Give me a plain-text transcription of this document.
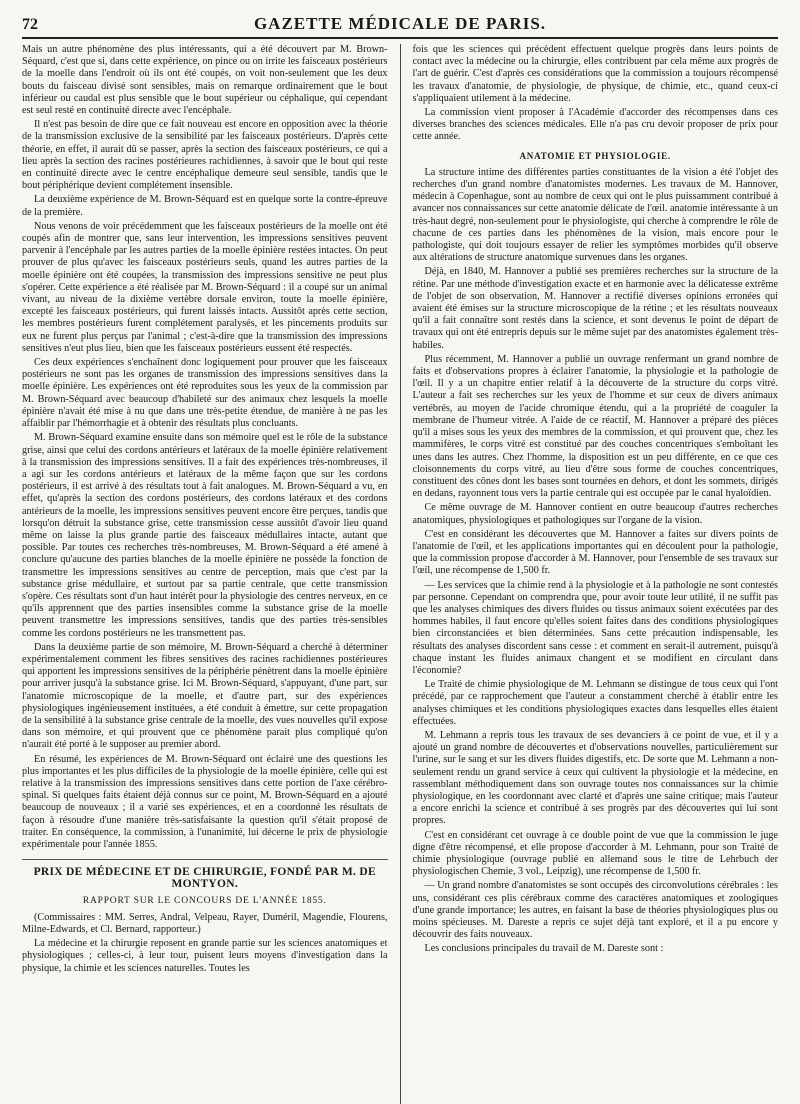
72	GAZETTE MÉDICALE DE PARIS.

Mais un autre phénomène des plus intéressants, qui a été découvert par M. Brown-Séquard, c'est que si, dans cette expérience, on pince ou on irrite les faisceaux postérieurs de la moelle dans l'endroit où ils ont été coupés, on voit non-seulement que les deux bouts du faisceau divisé sont sensibles, mais on remarque ordinairement que le bout inférieur ou caudal est plus sensible que le bout supérieur ou céphalique, qui cependant est seul resté en continuité directe avec l'encéphale.

Il n'est pas besoin de dire que ce fait nouveau est encore en opposition avec la théorie de la transmission exclusive de la sensibilité par les faisceaux postérieurs. D'après cette théorie, en effet, il aurait dû se passer, après la section des faisceaux postérieurs, ce qui a lieu après la section des racines postérieures rachidiennes, à savoir que le bout qui reste en continuité directe avec le centre encéphalique demeure seul sensible, tandis que le bout périphérique devient complétement insensible.

La deuxième expérience de M. Brown-Séquard est en quelque sorte la contre-épreuve de la première.

Nous venons de voir précédemment que les faisceaux postérieurs de la moelle ont été coupés afin de montrer que, sans leur intervention, les impressions sensitives peuvent parvenir à l'encéphale par les autres parties de la moelle épinière restées intactes. On peut prouver de plus qu'avec les faisceaux postérieurs seuls, quand les autres parties de la moelle épinière ont été coupées, la transmission des impressions sensitive ne peut plus s'opérer. Cette expérience a été réalisée par M. Brown-Séquard : il a coupé sur un animal vivant, au niveau de la dixième vertèbre dorsale environ, toute la moelle épinière, excepté les faisceaux postérieurs, qui furent laissés intacts. Aussitôt après cette section, les membres postérieurs furent complétement paralysés, et les pincements produits sur eux ne furent plus perçus par l'animal ; c'est-à-dire que la transmission des impressions sensitives n'eut plus lieu, bien que les faisceaux postérieurs eussent été respectés.

Ces deux expériences s'enchaînent donc logiquement pour prouver que les faisceaux postérieurs ne sont pas les organes de transmission des impressions sensitives dans la moelle épinière. Les expériences ont été reproduites sous les yeux de la commission par M. Brown-Séquard avec beaucoup d'habileté sur des animaux chez lesquels la moelle épinière n'avait été mise à nu que dans une très-petite étendue, de manière à ne pas les affaiblir par l'hémorrhagie et à obtenir des résultats plus concluants.

M. Brown-Séquard examine ensuite dans son mémoire quel est le rôle de la substance grise, ainsi que celui des cordons antérieurs et latéraux de la moelle épinière relativement à la transmission des impressions sensitives. Il a fait des expériences très-nombreuses, il a agi sur les cordons antérieurs et latéraux de la même façon que sur les cordons postérieurs, il est arrivé à des résultats tout à fait analogues. M. Brown-Séquard a vu, en effet, qu'après la section des cordons postérieurs, des cordons latéraux et des cordons antérieurs de la moelle, les impressions sensitives peuvent encore être perçues, tandis que lorsqu'on détruit la substance grise, cette transmission cesse aussitôt d'avoir lieu quand même on laisse la plus grande partie des faisceaux médullaires intacte, autant que possible. Par toutes ces recherches très-nombreuses, M. Brown-Séquard a été amené à conclure qu'aucune des parties blanches de la moelle épinière ne possède la fonction de transmettre les impressions sensitives au centre de perception, mais que c'est par la substance grise médullaire, et surtout par sa partie centrale, que cette transmission s'opère. Ces résultats sont d'un haut intérêt pour la physiologie des centres nerveux, en ce qu'ils apprennent que des parties insensibles comme la substance grise de la moelle peuvent transmettre les impressions sensitives, tandis que des parties très-sensibles comme les cordons postérieurs ne les transmettent pas.

Dans la deuxième partie de son mémoire, M. Brown-Séquard a cherché à déterminer expérimentalement comment les fibres sensitives des racines rachidiennes postérieures qui apportent les impressions sensitives de la périphérie pénètrent dans la moelle épinière pour arriver jusqu'à la substance grise. Ici M. Brown-Séquard, s'appuyant, d'une part, sur l'anatomie microscopique de la moelle, et d'autre part, sur des expériences physiologiques ingénieusement instituées, a été conduit à émettre, sur cette propagation de la sensibilité à la substance grise centrale de la moelle, des vues nouvelles qu'il expose dans son mémoire, et qui prouvent que ce phénomène parait plus compliqué qu'on n'aurait été porté à le supposer au premier abord.

En résumé, les expériences de M. Brown-Séquard ont éclairé une des questions les plus importantes et les plus difficiles de la physiologie de la moelle épinière, celle qui est relative à la transmission des impressions sensitives dans cette portion de l'axe cérébro-spinal. Si quelques faits étaient déjà connus sur ce point, M. Brown-Séquard en a ajouté beaucoup de nouveaux ; il a varié ses expériences, et en a coordonné les résultats de façon à résoudre d'une manière très-satisfaisante la question qu'il s'était proposé de traiter. En conséquence, la commission, à l'unanimité, lui décerne le prix de physiologie expérimentale pour l'année 1855.

PRIX DE MÉDECINE ET DE CHIRURGIE, FONDÉ PAR M. DE MONTYON.
RAPPORT SUR LE CONCOURS DE L'ANNÉE 1855.

(Commissaires : MM. Serres, Andral, Velpeau, Rayer, Duméril, Magendie, Flourens, Milne-Edwards, et Cl. Bernard, rapporteur.)

La médecine et la chirurgie reposent en grande partie sur les sciences anatomiques et physiologiques ; celles-ci, à leur tour, puisent leurs moyens d'investigation dans la physique, la chimie et les sciences naturelles. Toutes les

fois que les sciences qui précèdent effectuent quelque progrès dans leurs points de contact avec la médecine ou la chirurgie, elles contribuent par cela même aux progrès de l'art de guérir. C'est d'après ces considérations que la commission a toujours récompensé les travaux d'anatomie, de physiologie, de physique, de chimie, etc., quand ceux-ci s'appliquaient utilement à la médecine.

La commission vient proposer à l'Académie d'accorder des récompenses dans ces diverses branches des sciences médicales. Elle n'a pas cru devoir proposer de prix pour cette année.

ANATOMIE ET PHYSIOLOGIE.

La structure intime des différentes parties constituantes de la vision a été l'objet des recherches d'un grand nombre d'anatomistes modernes. Les travaux de M. Hannover, médecin à Copenhague, sont au nombre de ceux qui ont le plus puissamment contribué à avancer nos connaissances sur cette anatomie délicate de l'œil. anatomie intéressante à un très-haut degré, non-seulement pour le physiologiste, qui cherche à comprendre le rôle de chacune de ces parties dans les phénomènes de la vision, mais encore pour le pathologiste, qui doit toujours essayer de relier les symptômes morbides qu'il observe aux altérations de structure anatomique survenues dans les organes.

Déjà, en 1840, M. Hannover a publié ses premières recherches sur la structure de la rétine. Par une méthode d'investigation exacte et en harmonie avec la délicatesse extrême de l'objet de son observation, M. Hannover a rectifié diverses opinions erronées qui avaient été émises sur la structure microscopique de la rétine ; et les résultats nouveaux qu'il a fait connaître sont restés dans la science, et sont devenus le point de départ de travaux qui ont été entrepris depuis sur le même sujet par des anatomistes également très-habiles.

Plus récemment, M. Hannover a publié un ouvrage renfermant un grand nombre de faits et d'observations propres à éclairer l'anatomie, la physiologie et la pathologie de l'œil. Il y a un chapitre entier relatif à la découverte de la structure du corps vitré. L'auteur a fait ses recherches sur les yeux de l'homme et sur ceux de divers animaux vertébrés, au moyen de l'acide chromique étendu, qui a la propriété de coaguler la membrane de l'humeur vitrée. A l'aide de ce réactif, M. Hannover a préparé des pièces qu'il a mises sous les yeux des membres de la commission, et qui prouvent que, chez les mammifères, le corps vitré est constitué par des couches concentriques s'emboîtant les unes dans les autres. Chez l'homme, la disposition est un peu différente, en ce que ces cloisonnements du corps vitré, au lieu d'être sous forme de couches concentriques, constituent des cônes dont les bases sont tournées en dehors, et dont les sommets, dirigés en dedans, rayonnent tous vers la partie centrale qui est occupée par le canal hyaloïdien.

Ce même ouvrage de M. Hannover contient en outre beaucoup d'autres recherches anatomiques, physiologiques et pathologiques sur l'organe de la vision.

C'est en considérant les découvertes que M. Hannover a faites sur divers points de l'anatomie de l'œil, et les applications importantes qui en découlent pour la pathologie, que la commission propose d'accorder à M. Hannover, pour l'ensemble de ses travaux sur l'œil, une récompense de 1,500 fr.

— Les services que la chimie rend à la physiologie et à la pathologie ne sont contestés par personne. Cependant on comprendra que, pour avoir toute leur utilité, il ne suffit pas que les analyses chimiques des divers fluides ou tissus animaux soient exécutées par des hommes habiles, il faut encore qu'elles soient faites dans des conditions physiologiques bien circonstanciées et bien déterminées. Sans cette précaution indispensable, les résultats des analyses discordent sans cesse : et comment en serait-il autrement, puisqu'à chaque instant les fluides animaux changent et se modifient en circulant dans l'économie?

Le Traité de chimie physiologique de M. Lehmann se distingue de tous ceux qui l'ont précédé, par ce rapprochement que l'auteur a constamment cherché à établir entre les analyses chimiques et les conditions physiologiques exactes dans lesquelles elles étaient effectuées.

M. Lehmann a repris tous les travaux de ses devanciers à ce point de vue, et il y a ajouté un grand nombre de découvertes et d'observations nouvelles, particulièrement sur l'urine, sur le sang et sur les divers fluides digestifs, etc. De sorte que M. Lehmann a non-seulement rendu un grand service à ceux qui cultivent la physiologie et la médecine, en rassemblant méthodiquement dans son ouvrage toutes nos connaissances sur la chimie physiologique, en les coordonnant avec clarté et d'après une saine critique; mais l'auteur a encore enrichi la science et contribué à ses progrès par des découvertes qui lui sont propres.

C'est en considérant cet ouvrage à ce double point de vue que la commission le juge digne d'être récompensé, et elle propose d'accorder à M. Lehmann, pour son Traité de chimie physiologique (ouvrage publié en allemand sous le titre de Lehrbuch der physiologischen Chemie, 3 vol., Leipzig), une récompense de 1,500 fr.

— Un grand nombre d'anatomistes se sont occupés des circonvolutions cérébrales : les uns, considérant ces plis cérébraux comme des caractères anatomiques et zoologiques d'une grande importance; les autres, en faisant la base de théories physiologiques plus ou moins spécieuses. M. Dareste a repris ce sujet déjà tant exploré, et il a pu encore y découvrir des faits nouveaux.

Les conclusions principales du travail de M. Dareste sont :
